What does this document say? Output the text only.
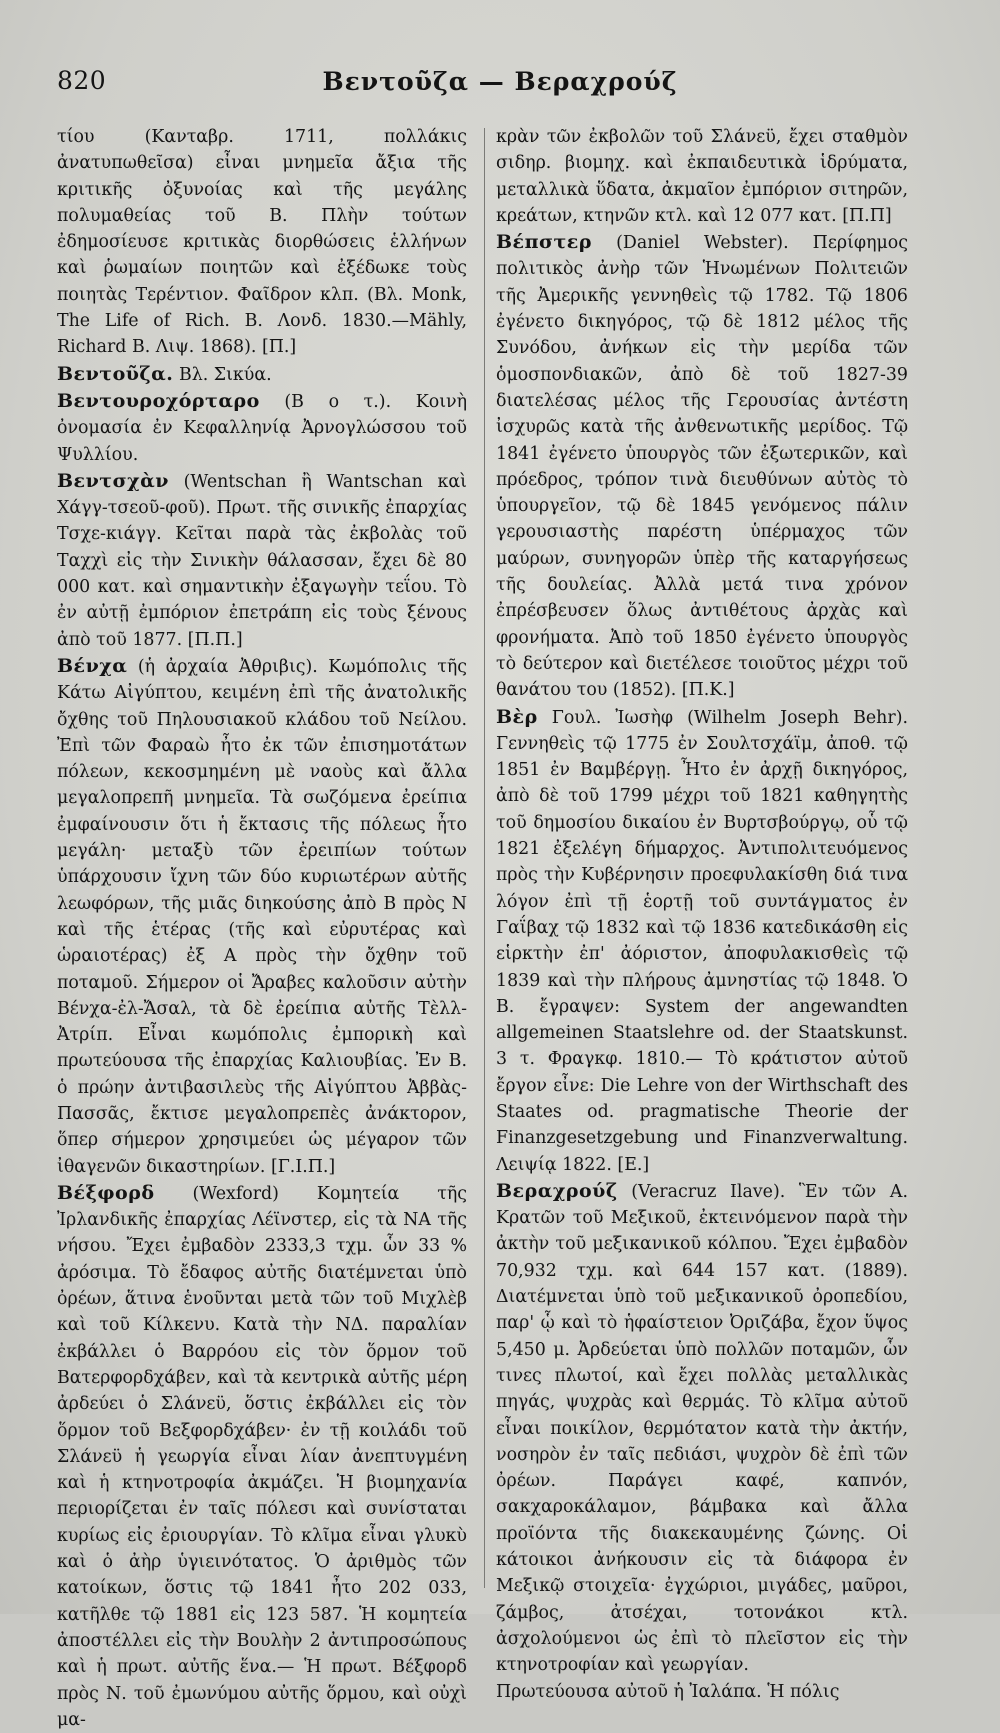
820	Βεντοῦζα — Βεραχρούζ

τίου (Κανταβρ. 1711, πολλάκις ἀνατυπωθεῖσα) εἶναι μνημεῖα ἄξια τῆς κριτικῆς ὀξυνοίας καὶ τῆς μεγάλης πολυμαθείας τοῦ Β. Πλὴν τούτων ἐδημοσίευσε κριτικὰς διορθώσεις ἑλλήνων καὶ ῥωμαίων ποιητῶν καὶ ἐξέδωκε τοὺς ποιητὰς Τερέντιον. Φαῖδρον κλπ. (Βλ. Monk, The Life of Rich. B. Λονδ. 1830.—Mähly, Richard B. Λιψ. 1868). [Π.]

Βεντοῦζα. Βλ. Σικύα.

Βεντουροχόρταρο (Β ο τ.). Κοινὴ ὀνομασία ἐν Κεφαλληνίᾳ Ἀρνογλώσσου τοῦ Ψυλλίου.

Βεντσχὰν (Wentschan ἢ Wantschan καὶ Χάγγ-τσεοῦ-φοῦ). Πρωτ. τῆς σινικῆς ἐπαρχίας Τσχε-κιάγγ. Κεῖται παρὰ τὰς ἐκβολὰς τοῦ Ταχχὶ εἰς τὴν Σινικὴν θάλασσαν, ἔχει δὲ 80 000 κατ. καὶ σημαντικὴν ἐξαγωγὴν τεΐου. Τὸ ἐν αὐτῇ ἐμπόριον ἐπετράπη εἰς τοὺς ξένους ἀπὸ τοῦ 1877. [Π.Π.]

Βένχα (ἡ ἀρχαία Ἀθριβις). Κωμόπολις τῆς Κάτω Αἰγύπτου, κειμένη ἐπὶ τῆς ἀνατολικῆς ὄχθης τοῦ Πηλουσιακοῦ κλάδου τοῦ Νείλου. Ἐπὶ τῶν Φαραὼ ἦτο ἐκ τῶν ἐπισημοτάτων πόλεων, κεκοσμημένη μὲ ναοὺς καὶ ἄλλα μεγαλοπρεπῆ μνημεῖα. Τὰ σωζόμενα ἐρείπια ἐμφαίνουσιν ὅτι ἡ ἔκτασις τῆς πόλεως ἦτο μεγάλη· μεταξὺ τῶν ἐρειπίων τούτων ὑπάρχουσιν ἴχνη τῶν δύο κυριωτέρων αὐτῆς λεωφόρων, τῆς μιᾶς διηκούσης ἀπὸ Β πρὸς Ν καὶ τῆς ἑτέρας (τῆς καὶ εὐρυτέρας καὶ ὡραιοτέρας) ἐξ Α πρὸς τὴν ὄχθην τοῦ ποταμοῦ. Σήμερον οἱ Ἄραβες καλοῦσιν αὐτὴν Βένχα-ἐλ-Ἄσαλ, τὰ δὲ ἐρείπια αὐτῆς Τὲλλ-Ἀτρίπ. Εἶναι κωμόπολις ἐμπορικὴ καὶ πρωτεύουσα τῆς ἐπαρχίας Καλιουβίας. Ἐν Β. ὁ πρώην ἀντιβασιλεὺς τῆς Αἰγύπτου Ἀββὰς-Πασσᾶς, ἔκτισε μεγαλοπρεπὲς ἀνάκτορον, ὅπερ σήμερον χρησιμεύει ὡς μέγαρον τῶν ἰθαγενῶν δικαστηρίων. [Γ.Ι.Π.]

Βέξφορδ (Wexford) Κομητεία τῆς Ἰρλανδικῆς ἐπαρχίας Λέϊνστερ, εἰς τὰ ΝΑ τῆς νήσου. Ἔχει ἐμβαδὸν 2333,3 τχμ. ὧν 33 % ἀρόσιμα. Τὸ ἔδαφος αὐτῆς διατέμνεται ὑπὸ ὀρέων, ἅτινα ἑνοῦνται μετὰ τῶν τοῦ Μιχλὲβ καὶ τοῦ Κίλκενυ. Κατὰ τὴν ΝΔ. παραλίαν ἐκβάλλει ὁ Βαρρόου εἰς τὸν ὅρμον τοῦ Βατερφορδχάβεν, καὶ τὰ κεντρικὰ αὐτῆς μέρη ἀρδεύει ὁ Σλάνεϋ, ὅστις ἐκβάλλει εἰς τὸν ὅρμον τοῦ Βεξφορδχάβεν· ἐν τῇ κοιλάδι τοῦ Σλάνεϋ ἡ γεωργία εἶναι λίαν ἀνεπτυγμένη καὶ ἡ κτηνοτροφία ἀκμάζει. Ἡ βιομηχανία περιορίζεται ἐν ταῖς πόλεσι καὶ συνίσταται κυρίως εἰς ἐριουργίαν. Τὸ κλῖμα εἶναι γλυκὺ καὶ ὁ ἀὴρ ὑγιεινότατος. Ὁ ἀριθμὸς τῶν κατοίκων, ὅστις τῷ 1841 ἦτο 202 033, κατῆλθε τῷ 1881 εἰς 123 587. Ἡ κομητεία ἀποστέλλει εἰς τὴν Βουλὴν 2 ἀντιπροσώπους καὶ ἡ πρωτ. αὐτῆς ἕνα.— Ἡ πρωτ. Βέξφορδ πρὸς Ν. τοῦ ἐμωνύμου αὐτῆς ὅρμου, καὶ οὐχὶ μα-

κρὰν τῶν ἐκβολῶν τοῦ Σλάνεϋ, ἔχει σταθμὸν σιδηρ. βιομηχ. καὶ ἐκπαιδευτικὰ ἱδρύματα, μεταλλικὰ ὕδατα, ἀκμαῖον ἐμπόριον σιτηρῶν, κρεάτων, κτηνῶν κτλ. καὶ 12 077 κατ. [Π.Π]

Βέπστερ (Daniel Webster). Περίφημος πολιτικὸς ἀνὴρ τῶν Ἡνωμένων Πολιτειῶν τῆς Ἀμερικῆς γεννηθεὶς τῷ 1782. Τῷ 1806 ἐγένετο δικηγόρος, τῷ δὲ 1812 μέλος τῆς Συνόδου, ἀνήκων εἰς τὴν μερίδα τῶν ὁμοσπονδιακῶν, ἀπὸ δὲ τοῦ 1827-39 διατελέσας μέλος τῆς Γερουσίας ἀντέστη ἰσχυρῶς κατὰ τῆς ἀνθενωτικῆς μερίδος. Τῷ 1841 ἐγένετο ὑπουργὸς τῶν ἐξωτερικῶν, καὶ πρόεδρος, τρόπον τινὰ διευθύνων αὐτὸς τὸ ὑπουργεῖον, τῷ δὲ 1845 γενόμενος πάλιν γερουσιαστὴς παρέστη ὑπέρμαχος τῶν μαύρων, συνηγορῶν ὑπὲρ τῆς καταργήσεως τῆς δουλείας. Ἀλλὰ μετά τινα χρόνον ἐπρέσβευσεν ὅλως ἀντιθέτους ἀρχὰς καὶ φρονήματα. Ἀπὸ τοῦ 1850 ἐγένετο ὑπουργὸς τὸ δεύτερον καὶ διετέλεσε τοιοῦτος μέχρι τοῦ θανάτου του (1852). [Π.Κ.]

Βὲρ Γουλ. Ἰωσὴφ (Wilhelm Joseph Behr). Γεννηθεὶς τῷ 1775 ἐν Σουλτσχάϊμ, ἀποθ. τῷ 1851 ἐν Βαμβέργῃ. Ἦτο ἐν ἀρχῇ δικηγόρος, ἀπὸ δὲ τοῦ 1799 μέχρι τοῦ 1821 καθηγητὴς τοῦ δημοσίου δικαίου ἐν Βυρτσβούργῳ, οὗ τῷ 1821 ἐξελέγη δήμαρχος. Ἀντιπολιτευόμενος πρὸς τὴν Κυβέρνησιν προεφυλακίσθη διά τινα λόγον ἐπὶ τῇ ἑορτῇ τοῦ συντάγματος ἐν Γαΐβαχ τῷ 1832 καὶ τῷ 1836 κατεδικάσθη εἰς εἱρκτὴν ἐπ' ἀόριστον, ἀποφυλακισθεὶς τῷ 1839 καὶ τὴν πλήρους ἀμνηστίας τῷ 1848. Ὁ Β. ἔγραψεν: System der angewandten allgemeinen Staatslehre od. der Staatskunst. 3 τ. Φραγκφ. 1810.— Τὸ κράτιστον αὐτοῦ ἔργον εἶνε: Die Lehre von der Wirthschaft des Staates od. pragmatische Theorie der Finanzgesetzgebung und Finanzverwaltung. Λειψίᾳ 1822. [E.]

Βεραχρούζ (Veracruz Ilave). Ἓν τῶν Α. Κρατῶν τοῦ Μεξικοῦ, ἐκτεινόμενον παρὰ τὴν ἀκτὴν τοῦ μεξικανικοῦ κόλπου. Ἔχει ἐμβαδὸν 70,932 τχμ. καὶ 644 157 κατ. (1889). Διατέμνεται ὑπὸ τοῦ μεξικανικοῦ ὀροπεδίου, παρ' ᾧ καὶ τὸ ἡφαίστειον Ὀριζάβα, ἔχον ὕψος 5,450 μ. Ἀρδεύεται ὑπὸ πολλῶν ποταμῶν, ὧν τινες πλωτοί, καὶ ἔχει πολλὰς μεταλλικὰς πηγάς, ψυχρὰς καὶ θερμάς. Τὸ κλῖμα αὐτοῦ εἶναι ποικίλον, θερμότατον κατὰ τὴν ἀκτήν, νοσηρὸν ἐν ταῖς πεδιάσι, ψυχρὸν δὲ ἐπὶ τῶν ὀρέων. Παράγει καφέ, καπνόν, σακχαροκάλαμον, βάμβακα καὶ ἄλλα προϊόντα τῆς διακεκαυμένης ζώνης. Οἱ κάτοικοι ἀνήκουσιν εἰς τὰ διάφορα ἐν Μεξικῷ στοιχεῖα· ἐγχώριοι, μιγάδες, μαῦροι, ζάμβος, ἀτσέχαι, τοτονάκοι κτλ. ἀσχολούμενοι ὡς ἐπὶ τὸ πλεῖστον εἰς τὴν κτηνοτροφίαν καὶ γεωργίαν.

Πρωτεύουσα αὐτοῦ ἡ Ἰαλάπα. Ἡ πόλις
